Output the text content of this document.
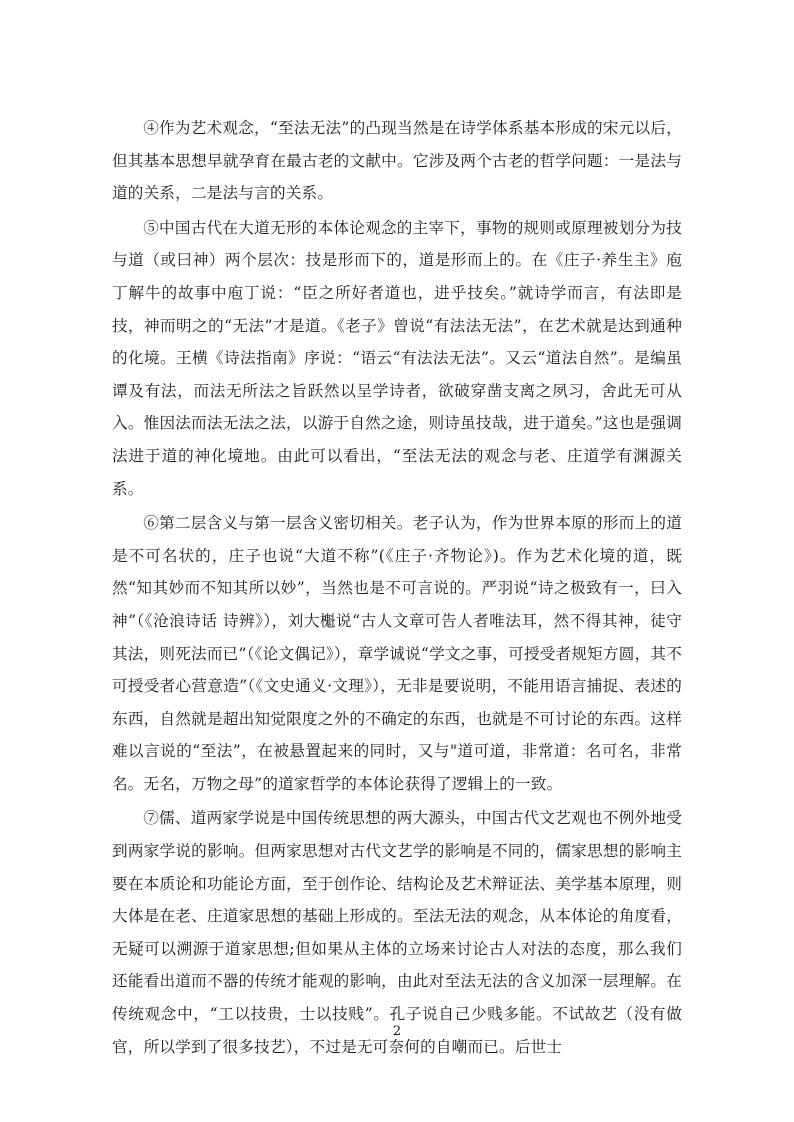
④作为艺术观念，“至法无法”的凸现当然是在诗学体系基本形成的宋元以后，但其基本思想早就孕育在最古老的文献中。它涉及两个古老的哲学问题：一是法与道的关系，二是法与言的关系。

⑤中国古代在大道无形的本体论观念的主宰下，事物的规则或原理被划分为技与道（或曰神）两个层次：技是形而下的，道是形而上的。在《庄子·养生主》庖丁解牛的故事中庖丁说：“臣之所好者道也，进乎技矣。”就诗学而言，有法即是技，神而明之的“无法”才是道。《老子》曾说“有法法无法”，在艺术就是达到通种的化境。王横《诗法指南》序说：“语云“有法法无法”。又云“道法自然”。是编虽谭及有法，而法无所法之旨跃然以呈学诗者，欲破穿凿支离之夙习，舍此无可从入。惟因法而法无法之法，以游于自然之途，则诗虽技哉，进于道矣。”这也是强调法进于道的神化境地。由此可以看出，“至法无法的观念与老、庄道学有渊源关系。

⑥第二层含义与第一层含义密切相关。老子认为，作为世界本原的形而上的道是不可名状的，庄子也说“大道不称”(《庄子·齐物论》)。作为艺术化境的道，既然“知其妙而不知其所以妙”，当然也是不可言说的。严羽说“诗之极致有一，曰入神”（《沧浪诗话 诗辨》），刘大櫆说“古人文章可告人者唯法耳，然不得其神，徒守其法，则死法而已”（《论文偶记》），章学诚说“学文之事，可授受者规矩方圆，其不可授受者心营意造”（《文史通义·文理》），无非是要说明，不能用语言捕捉、表述的东西，自然就是超出知觉限度之外的不确定的东西，也就是不可讨论的东西。这样难以言说的“至法”，在被悬置起来的同时，又与"道可道，非常道：名可名，非常名。无名，万物之母”的道家哲学的本体论获得了逻辑上的一致。

⑦儒、道两家学说是中国传统思想的两大源头，中国古代文艺观也不例外地受到两家学说的影响。但两家思想对古代文艺学的影响是不同的，儒家思想的影响主要在本质论和功能论方面，至于创作论、结构论及艺术辩证法、美学基本原理，则大体是在老、庄道家思想的基础上形成的。至法无法的观念，从本体论的角度看，无疑可以溯源于道家思想;但如果从主体的立场来讨论古人对法的态度，那么我们还能看出道而不器的传统才能观的影响，由此对至法无法的含义加深一层理解。在传统观念中，“工以技贵，士以技贱”。孔子说自己少贱多能。不试故艺（没有做官，所以学到了很多技艺），不过是无可奈何的自嘲而已。后世士

2
